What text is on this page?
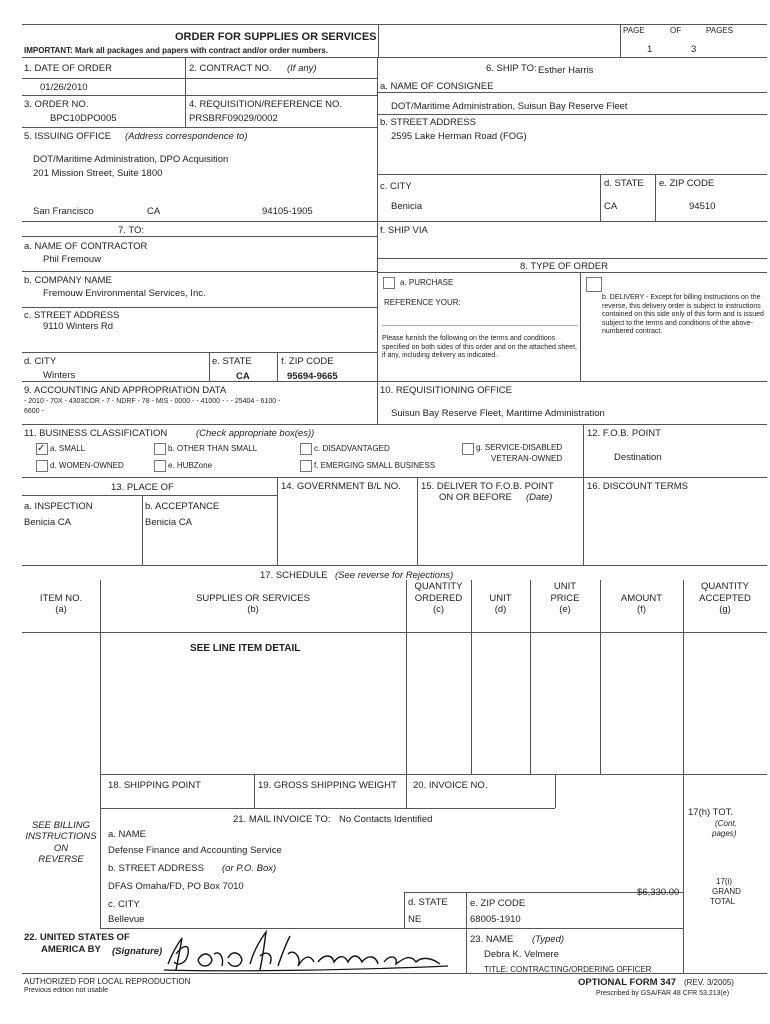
ORDER FOR SUPPLIES OR SERVICES
IMPORTANT: Mark all packages and papers with contract and/or order numbers.
PAGE	OF	PAGES
1	3
1. DATE OF ORDER
01/26/2010
2. CONTRACT NO. (If any)
3. ORDER NO.
BPC10DPO005
4. REQUISITION/REFERENCE NO.
PRSBRF09029/0002
5. ISSUING OFFICE (Address correspondence to)
DOT/Maritime Administration, DPO Acquisition
201 Mission Street, Suite 1800
San Francisco	CA	94105-1905
6. SHIP TO: Esther Harris
a. NAME OF CONSIGNEE
DOT/Maritime Administration, Suisun Bay Reserve Fleet
b. STREET ADDRESS
2595 Lake Herman Road (FOG)
c. CITY
Benicia
d. STATE
CA
e. ZIP CODE
94510
f. SHIP VIA
7. TO:
a. NAME OF CONTRACTOR
Phil Fremouw
b. COMPANY NAME
Fremouw Environmental Services, Inc.
c. STREET ADDRESS
9110 Winters Rd
d. CITY
Winters
e. STATE
CA
f. ZIP CODE
95694-9665
8. TYPE OF ORDER
a. PURCHASE
REFERENCE YOUR:
Please furnish the following on the terms and conditions specified on both sides of this order and on the attached sheet, if any, including delivery as indicated.
b. DELIVERY - Except for billing instructions on the reverse, this delivery order is subject to instructions contained on this side only of this form and is issued subject to the terms and conditions of the above-numbered contract.
9. ACCOUNTING AND APPROPRIATION DATA
- 2010 - 70X - 4303COR - 7 - NDRF - 78 - MIS - 0000 - - 41000 - - - 25404 - 6100 -
6600 -
10. REQUISITIONING OFFICE
Suisun Bay Reserve Fleet, Maritime Administration
11. BUSINESS CLASSIFICATION	(Check appropriate box(es))
✓ a. SMALL	b. OTHER THAN SMALL	c. DISADVANTAGED	g. SERVICE-DISABLED
VETERAN-OWNED
d. WOMEN-OWNED	e. HUBZone	f. EMERGING SMALL BUSINESS
12. F.O.B. POINT
Destination
13. PLACE OF
a. INSPECTION
Benicia CA
b. ACCEPTANCE
Benicia CA
14. GOVERNMENT B/L NO. 15. DELIVER TO F.O.B. POINT
ON OR BEFORE (Date)
16. DISCOUNT TERMS
17. SCHEDULE (See reverse for Rejections)
ITEM NO.
(a)
SUPPLIES OR SERVICES
(b)
QUANTITY
ORDERED
(c)
UNIT
(d)
UNIT
PRICE
(e)
AMOUNT
(f)
QUANTITY
ACCEPTED
(g)
SEE LINE ITEM DETAIL
18. SHIPPING POINT	19. GROSS SHIPPING WEIGHT 20. INVOICE NO.
SEE BILLING
INSTRUCTIONS
ON
REVERSE
21. MAIL INVOICE TO: No Contacts Identified
a. NAME
Defense Finance and Accounting Service
b. STREET ADDRESS (or P.O. Box)
DFAS Omaha/FD, PO Box 7010
c. CITY
Bellevue
d. STATE
NE
e. ZIP CODE
68005-1910
17(h) TOT.
(Cont.
pages)
17(i)
GRAND
TOTAL
$6,330.00
22. UNITED STATES OF
AMERICA BY (Signature)
23. NAME (Typed)
Debra K. Velmere
TITLE: CONTRACTING/ORDERING OFFICER
AUTHORIZED FOR LOCAL REPRODUCTION
Previous edition not usable
OPTIONAL FORM 347 (REV. 3/2005)
Prescribed by GSA/FAR 48 CFR 53.213(e)
